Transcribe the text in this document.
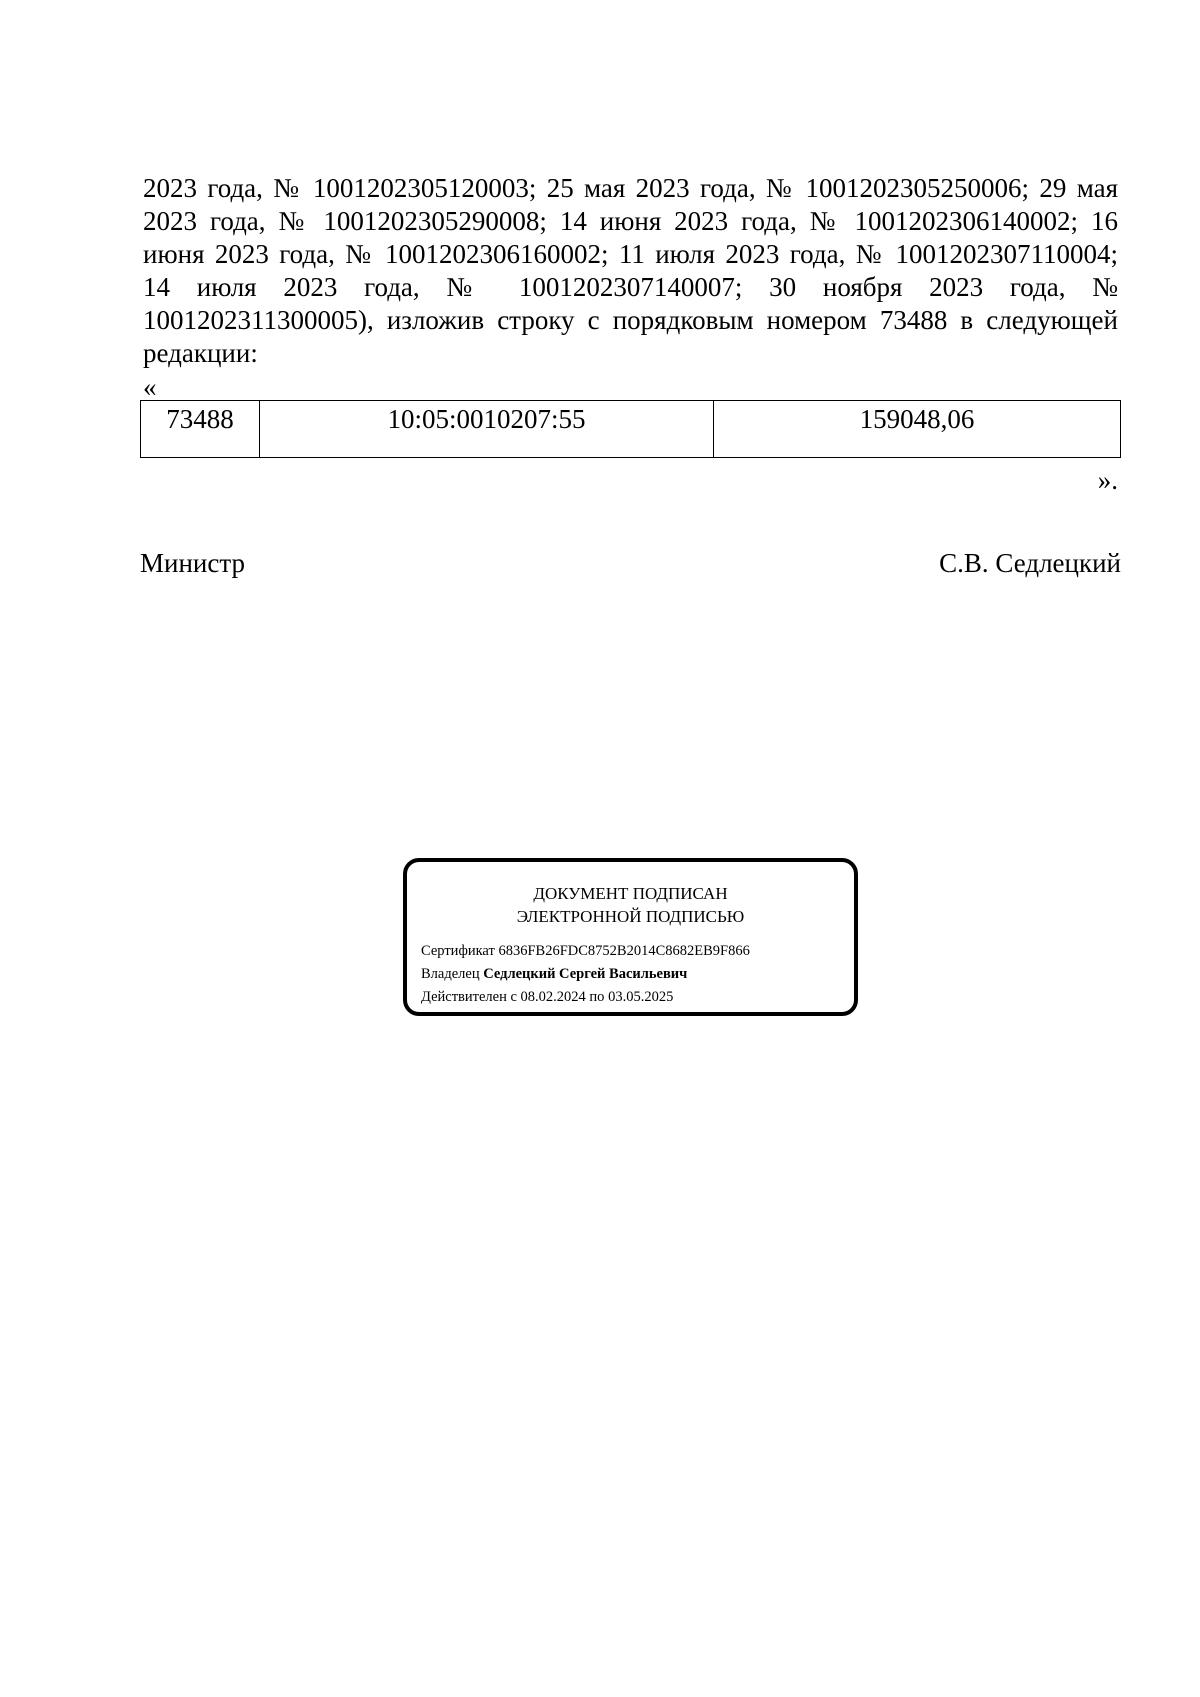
2023 года, № 1001202305120003; 25 мая 2023 года, № 1001202305250006; 29 мая
2023 года, № 1001202305290008; 14 июня 2023 года, № 1001202306140002; 16
июня 2023 года, № 1001202306160002; 11 июля 2023 года, № 1001202307110004;
14 июля 2023 года, № 1001202307140007; 30 ноября 2023 года, №
1001202311300005), изложив строку с порядковым номером 73488 в следующей
редакции:
«
73488	10:05:0010207:55	159048,06
».
Министр	С.В. Седлецкий
ДОКУМЕНТ ПОДПИСАН
ЭЛЕКТРОННОЙ ПОДПИСЬЮ
Сертификат 6836FB26FDC8752B2014C8682EB9F866
Владелец Седлецкий Сергей Васильевич
Действителен с 08.02.2024 по 03.05.2025
